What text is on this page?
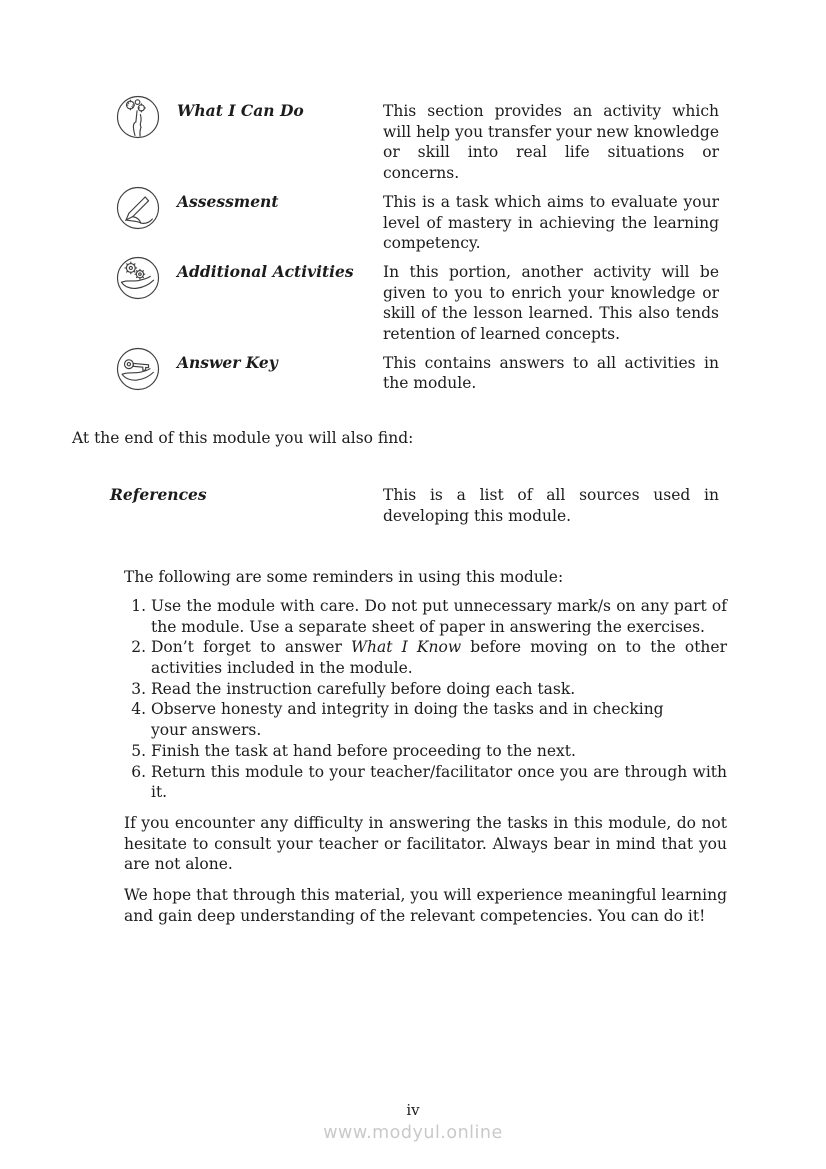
What I Can Do	This section provides an activity which will help you transfer your new knowledge or skill into real life situations or concerns.
Assessment	This is a task which aims to evaluate your level of mastery in achieving the learning competency.
Additional Activities	In this portion, another activity will be given to you to enrich your knowledge or skill of the lesson learned. This also tends retention of learned concepts.
Answer Key	This contains answers to all activities in the module.
At the end of this module you will also find:
References	This is a list of all sources used in developing this module.
The following are some reminders in using this module:
1. Use the module with care. Do not put unnecessary mark/s on any part of the module. Use a separate sheet of paper in answering the exercises.
2. Don’t forget to answer What I Know before moving on to the other activities included in the module.
3. Read the instruction carefully before doing each task.
4. Observe honesty and integrity in doing the tasks and in checking
your answers.
5. Finish the task at hand before proceeding to the next.
6. Return this module to your teacher/facilitator once you are through with it.

If you encounter any difficulty in answering the tasks in this module, do not hesitate to consult your teacher or facilitator. Always bear in mind that you are not alone.

We hope that through this material, you will experience meaningful learning and gain deep understanding of the relevant competencies. You can do it!

iv
www.modyul.online
